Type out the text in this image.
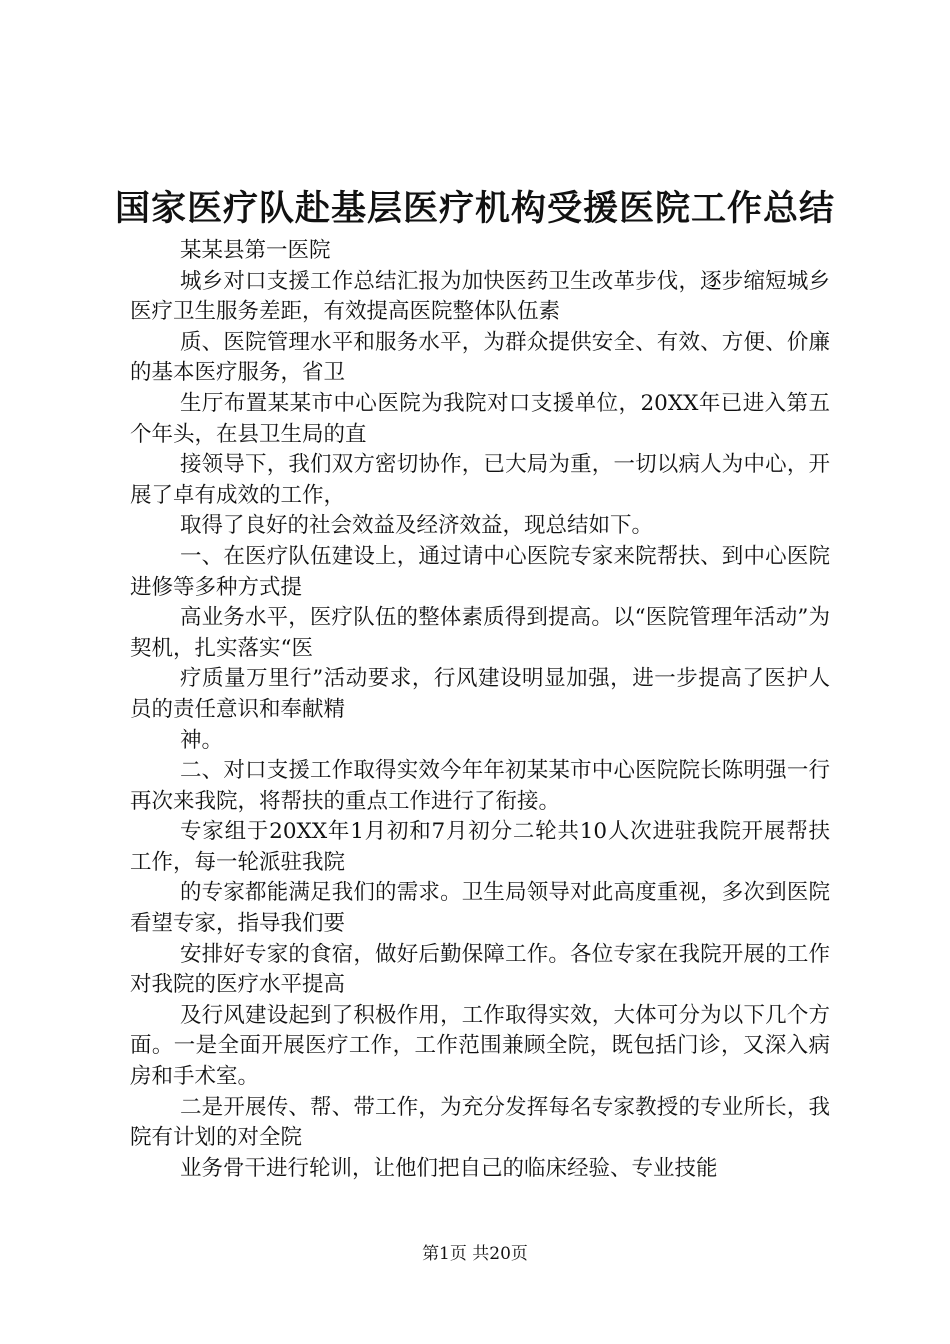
国家医疗队赴基层医疗机构受援医院工作总结

某某县第一医院

城乡对口支援工作总结汇报为加快医药卫生改革步伐，逐步缩短城乡医疗卫生服务差距，有效提高医院整体队伍素

质、医院管理水平和服务水平，为群众提供安全、有效、方便、价廉的基本医疗服务，省卫

生厅布置某某市中心医院为我院对口支援单位，20XX年已进入第五个年头，在县卫生局的直

接领导下，我们双方密切协作，已大局为重，一切以病人为中心，开展了卓有成效的工作，

取得了良好的社会效益及经济效益，现总结如下。

一、在医疗队伍建设上，通过请中心医院专家来院帮扶、到中心医院进修等多种方式提

高业务水平，医疗队伍的整体素质得到提高。以“医院管理年活动”为契机，扎实落实“医

疗质量万里行”活动要求，行风建设明显加强，进一步提高了医护人员的责任意识和奉献精

神。

二、对口支援工作取得实效今年年初某某市中心医院院长陈明强一行再次来我院，将帮扶的重点工作进行了衔接。

专家组于20XX年1月初和7月初分二轮共10人次进驻我院开展帮扶工作，每一轮派驻我院

的专家都能满足我们的需求。卫生局领导对此高度重视，多次到医院看望专家，指导我们要

安排好专家的食宿，做好后勤保障工作。各位专家在我院开展的工作对我院的医疗水平提高

及行风建设起到了积极作用，工作取得实效，大体可分为以下几个方面。一是全面开展医疗工作，工作范围兼顾全院，既包括门诊，又深入病房和手术室。

二是开展传、帮、带工作，为充分发挥每名专家教授的专业所长，我院有计划的对全院

业务骨干进行轮训，让他们把自己的临床经验、专业技能

第1页 共20页
